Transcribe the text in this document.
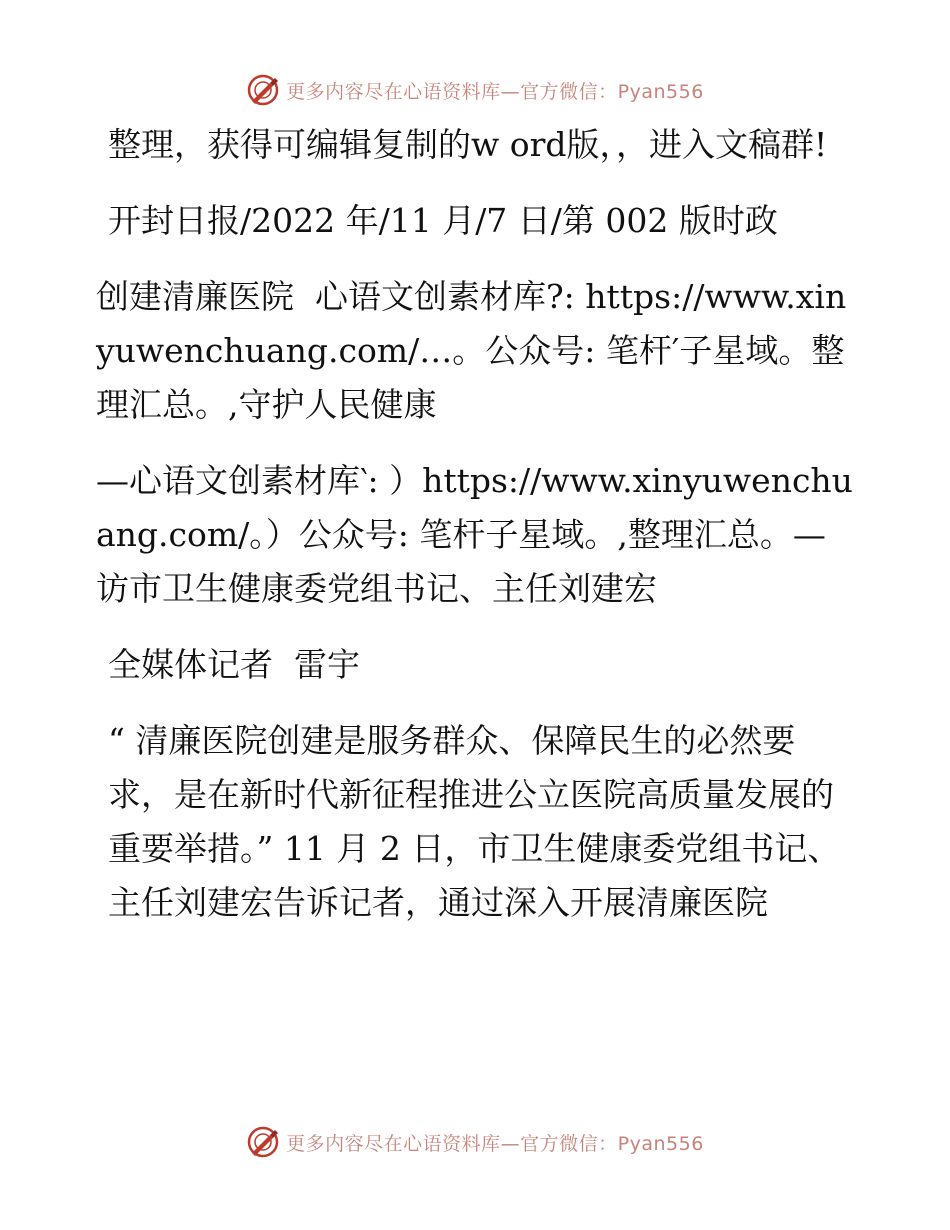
更多内容尽在心语资料库—官方微信：Pyan556

整理，获得可编辑复制的w ord版，，进入文稿群!

开封日报/2022 年/11 月/7 日/第 002 版时政

创建清廉医院  心语文创素材库?: https://www.xinyuwenchuang.com/…。公众号: 笔杆′子星域。整理汇总。,守护人民健康

—心语文创素材库‵: ）https://www.xinyuwenchuang.com/。）公众号: 笔杆子星域。,整理汇总。—访市卫生健康委党组书记、主任刘建宏

全媒体记者  雷宇

“ 清廉医院创建是服务群众、保障民生的必然要求，是在新时代新征程推进公立医院高质量发展的重要举措。” 11 月 2 日，市卫生健康委党组书记、主任刘建宏告诉记者，通过深入开展清廉医院

更多内容尽在心语资料库—官方微信：Pyan556
